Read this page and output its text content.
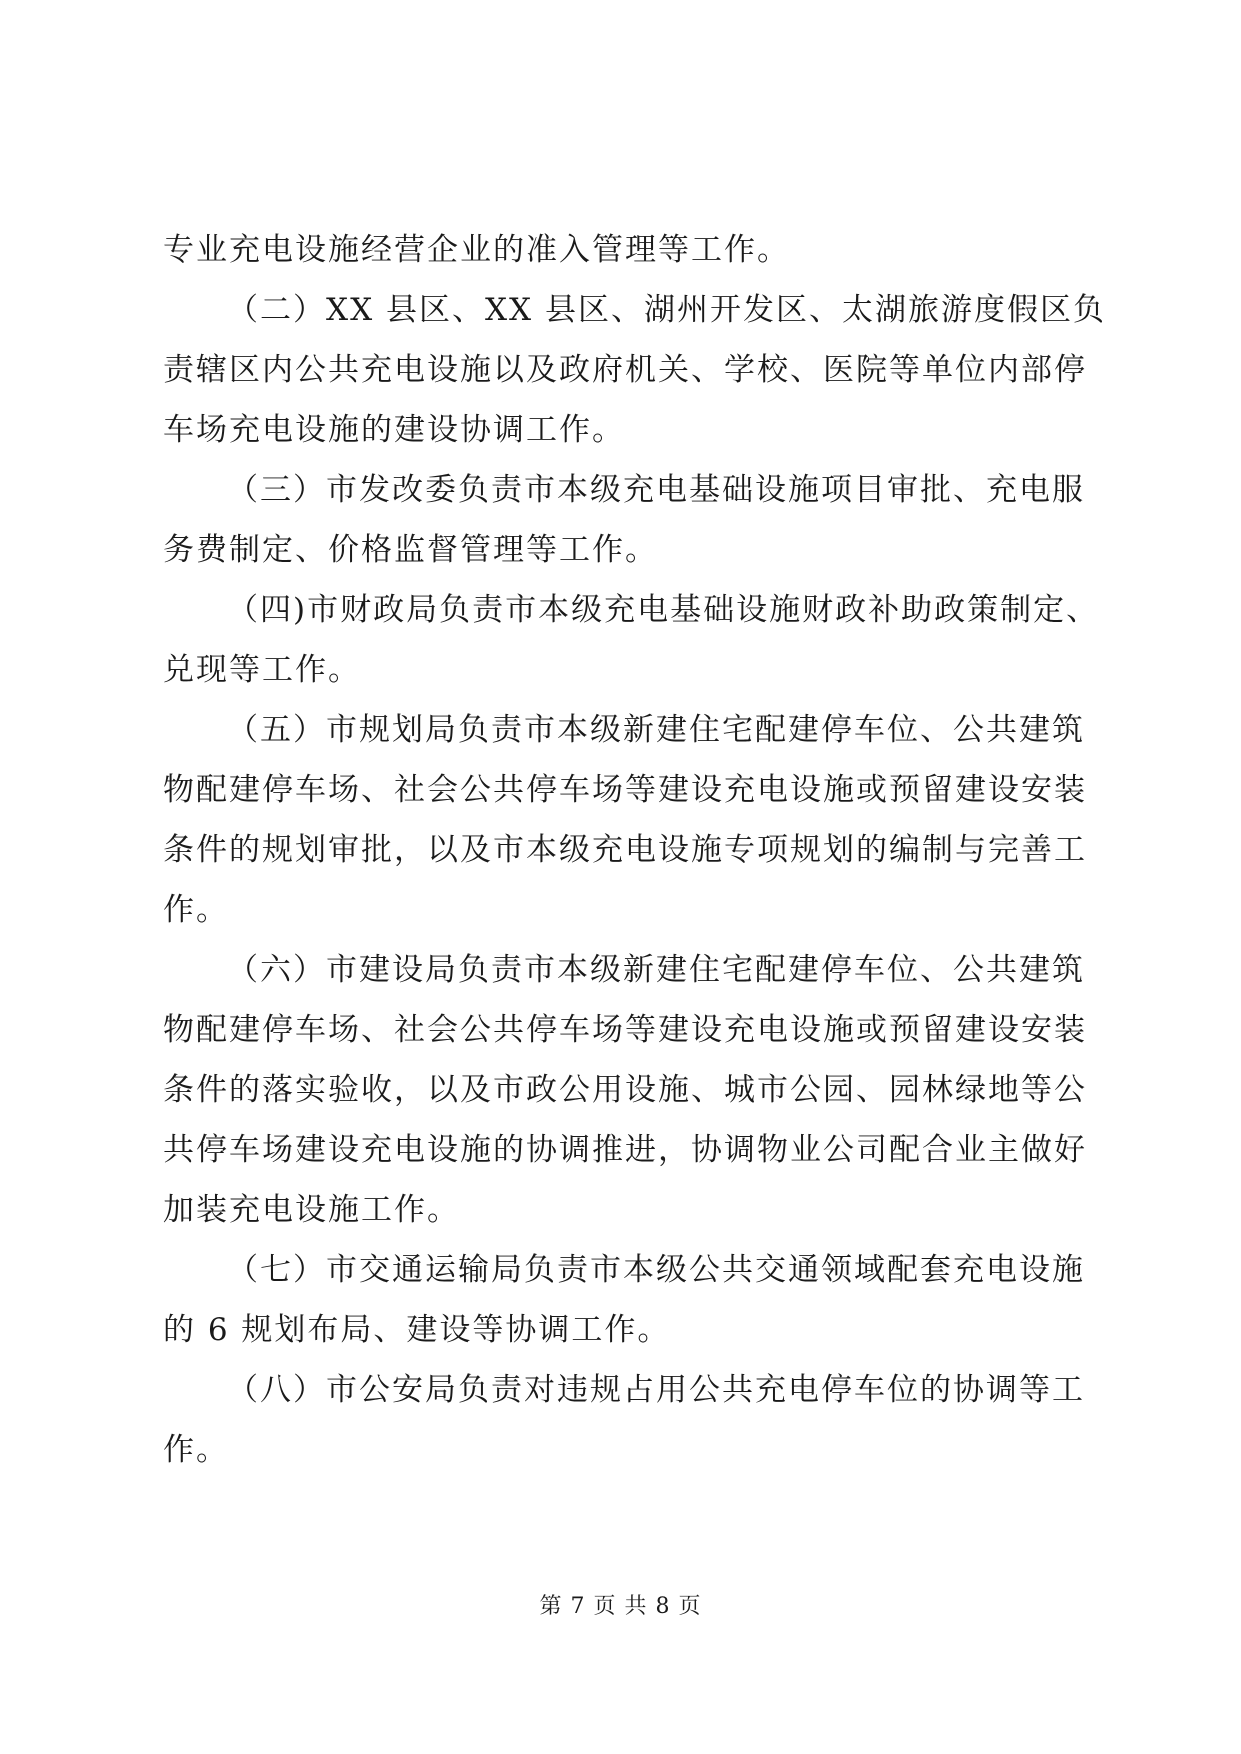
专业充电设施经营企业的准入管理等工作。
（二）XX 县区、XX 县区、湖州开发区、太湖旅游度假区负
责辖区内公共充电设施以及政府机关、学校、医院等单位内部停
车场充电设施的建设协调工作。
（三）市发改委负责市本级充电基础设施项目审批、充电服
务费制定、价格监督管理等工作。
（四)市财政局负责市本级充电基础设施财政补助政策制定、
兑现等工作。
（五）市规划局负责市本级新建住宅配建停车位、公共建筑
物配建停车场、社会公共停车场等建设充电设施或预留建设安装
条件的规划审批，以及市本级充电设施专项规划的编制与完善工
作。
（六）市建设局负责市本级新建住宅配建停车位、公共建筑
物配建停车场、社会公共停车场等建设充电设施或预留建设安装
条件的落实验收，以及市政公用设施、城市公园、园林绿地等公
共停车场建设充电设施的协调推进，协调物业公司配合业主做好
加装充电设施工作。
（七）市交通运输局负责市本级公共交通领域配套充电设施
的 6 规划布局、建设等协调工作。
（八）市公安局负责对违规占用公共充电停车位的协调等工
作。
第 7 页 共 8 页
